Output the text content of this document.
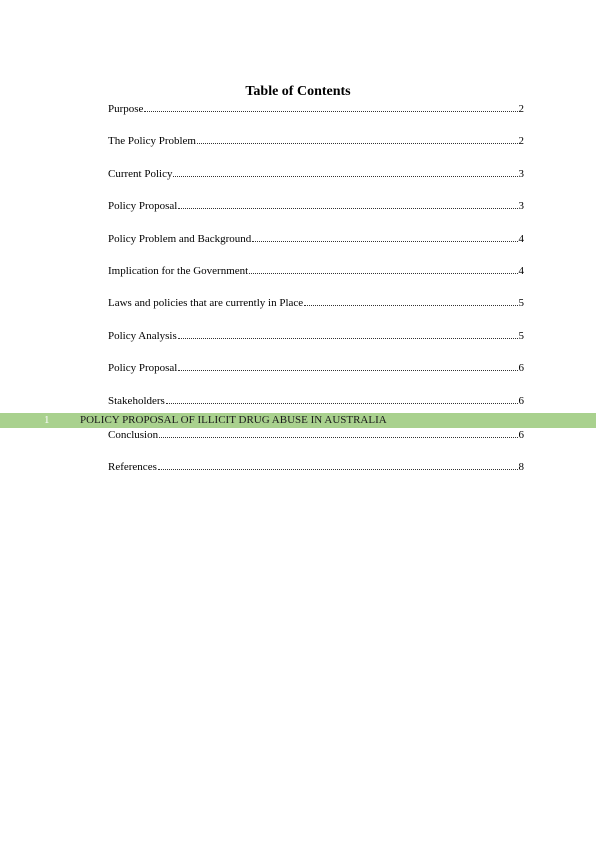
Table of Contents
Purpose	2
The Policy Problem	2
Current Policy	3
Policy Proposal	3
Policy Problem and Background	4
Implication for the Government	4
Laws and policies that are currently in Place	5
Policy Analysis	5
Policy Proposal	6
Stakeholders	6
1	POLICY PROPOSAL OF ILLICIT DRUG ABUSE IN AUSTRALIA
Conclusion	6
References	8
